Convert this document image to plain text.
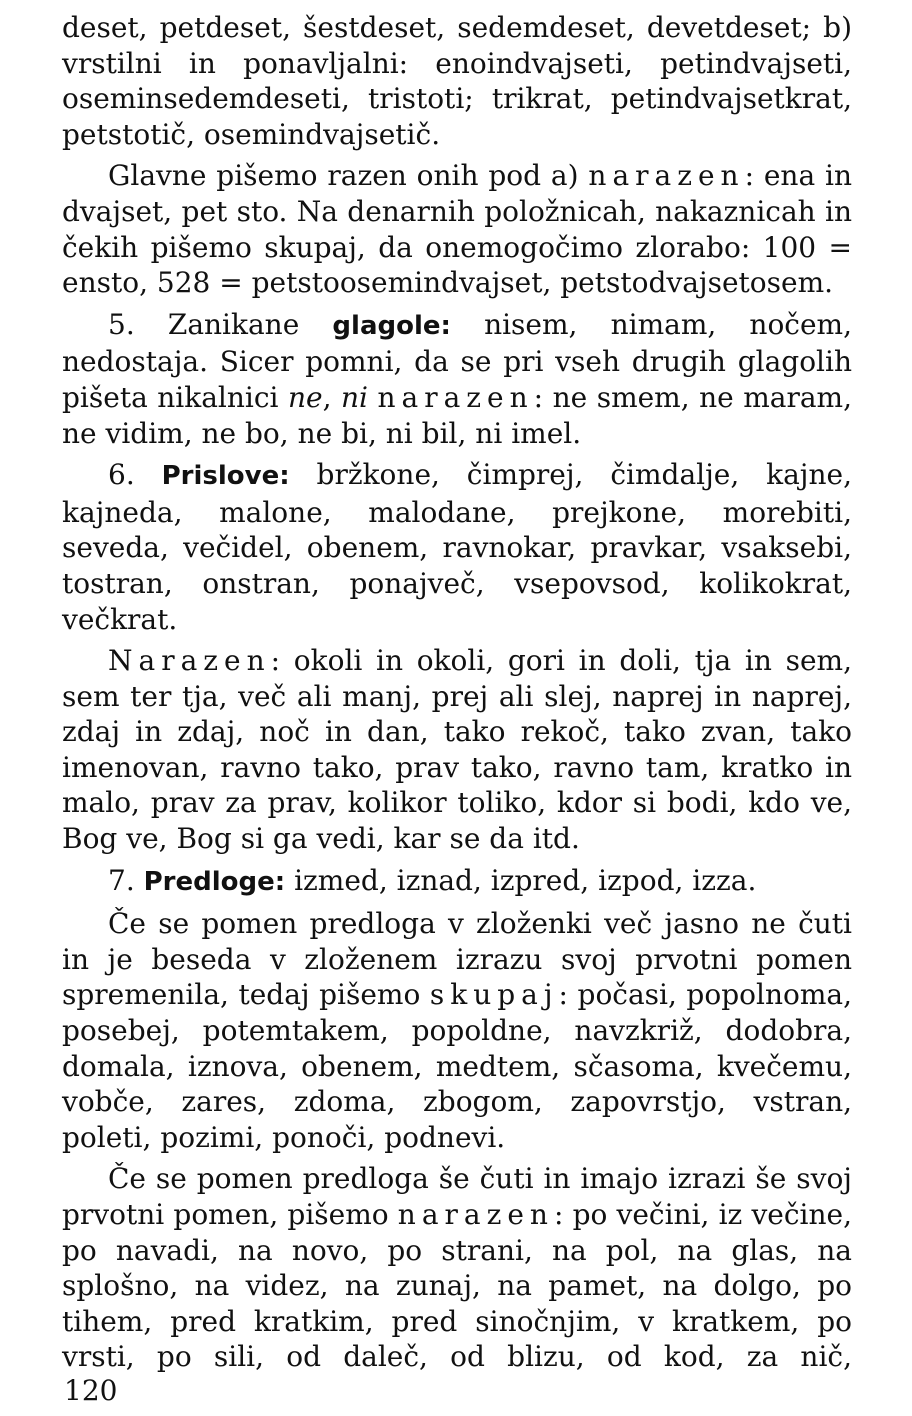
deset, petdeset, šestdeset, sedemdeset, devetdeset; b) vrstilni in ponavljalni: enoindvajseti, petindvajseti, oseminsedemdeseti, tristoti; trikrat, petindvajsetkrat, petstotič, osemindvajsetič.

Glavne pišemo razen onih pod a) narazen: ena in dvajset, pet sto. Na denarnih položnicah, nakaznicah in čekih pišemo skupaj, da onemogočimo zlorabo: 100 = ensto, 528 = petstoosemindvajset, petstodvajsetosem.

5. Zanikane glagole: nisem, nimam, nočem, nedostaja. Sicer pomni, da se pri vseh drugih glagolih pišeta nikalnici ne, ni narazen: ne smem, ne maram, ne vidim, ne bo, ne bi, ni bil, ni imel.

6. Prislove: bržkone, čimprej, čimdalje, kajne, kajneda, malone, malodane, prejkone, morebiti, seveda, večidel, obenem, ravnokar, pravkar, vsaksebi, tostran, onstran, ponajveč, vsepovsod, kolikokrat, večkrat.

Narazen: okoli in okoli, gori in doli, tja in sem, sem ter tja, več ali manj, prej ali slej, naprej in naprej, zdaj in zdaj, noč in dan, tako rekoč, tako zvan, tako imenovan, ravno tako, prav tako, ravno tam, kratko in malo, prav za prav, kolikor toliko, kdor si bodi, kdo ve, Bog ve, Bog si ga vedi, kar se da itd.

7. Predloge: izmed, iznad, izpred, izpod, izza.

Če se pomen predloga v zloženki več jasno ne čuti in je beseda v zloženem izrazu svoj prvotni pomen spremenila, tedaj pišemo skupaj: počasi, popolnoma, posebej, potemtakem, popoldne, navzkriž, dodobra, domala, iznova, obenem, medtem, sčasoma, kvečemu, vobče, zares, zdoma, zbogom, zapovrstjo, vstran, poleti, pozimi, ponoči, podnevi.

Če se pomen predloga še čuti in imajo izrazi še svoj prvotni pomen, pišemo narazen: po večini, iz večine, po navadi, na novo, po strani, na pol, na glas, na splošno, na videz, na zunaj, na pamet, na dolgo, po tihem, pred kratkim, pred sinočnjim, v kratkem, po vrsti, po sili, od daleč, od blizu, od kod, za nič,

120
